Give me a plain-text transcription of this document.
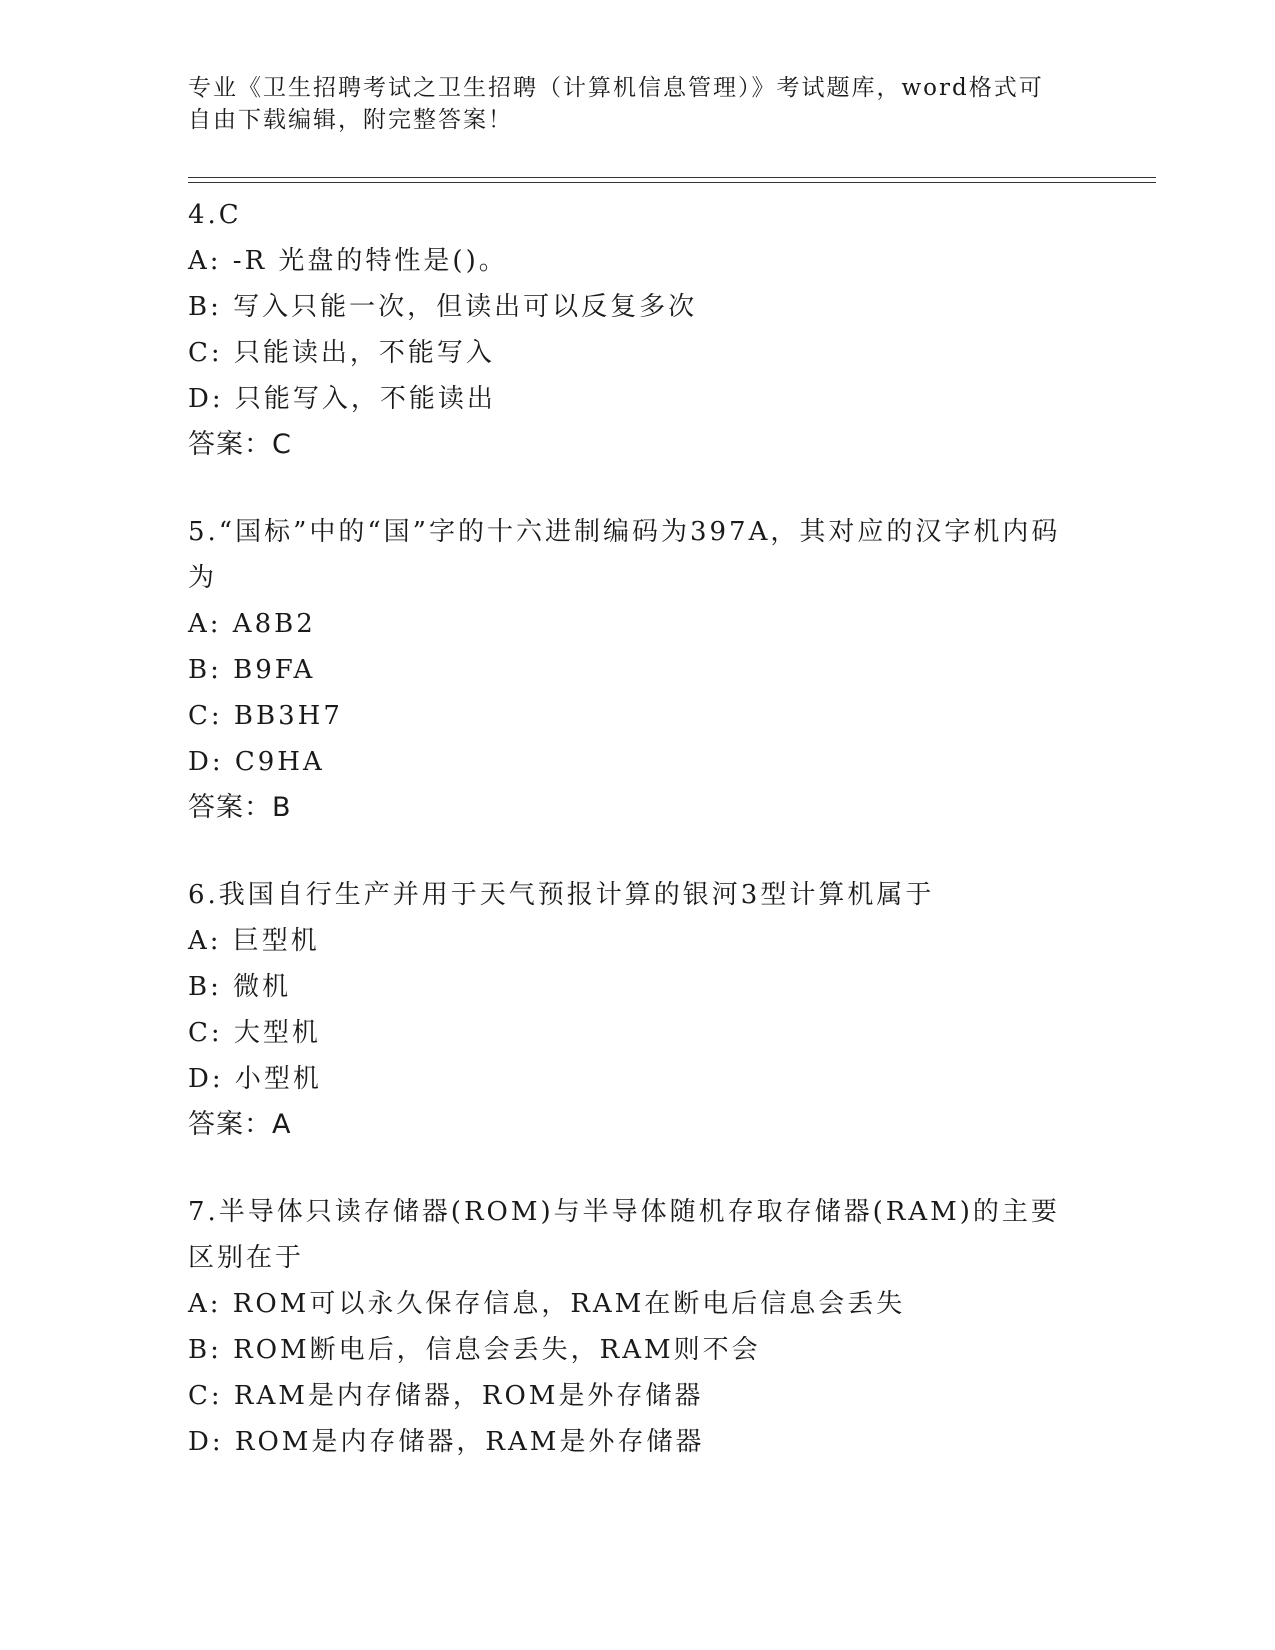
专业《卫生招聘考试之卫生招聘（计算机信息管理）》考试题库，word格式可自由下载编辑，附完整答案！
4.C
A: -R 光盘的特性是()。
B: 写入只能一次，但读出可以反复多次
C: 只能读出，不能写入
D: 只能写入，不能读出
答案：C
5.“国标”中的“国”字的十六进制编码为397A，其对应的汉字机内码为
A: A8B2
B: B9FA
C: BB3H7
D: C9HA
答案：B
6.我国自行生产并用于天气预报计算的银河3型计算机属于
A: 巨型机
B: 微机
C: 大型机
D: 小型机
答案：A
7.半导体只读存储器(ROM)与半导体随机存取存储器(RAM)的主要区别在于
A: ROM可以永久保存信息，RAM在断电后信息会丢失
B: ROM断电后，信息会丢失，RAM则不会
C: RAM是内存储器，ROM是外存储器
D: ROM是内存储器，RAM是外存储器
